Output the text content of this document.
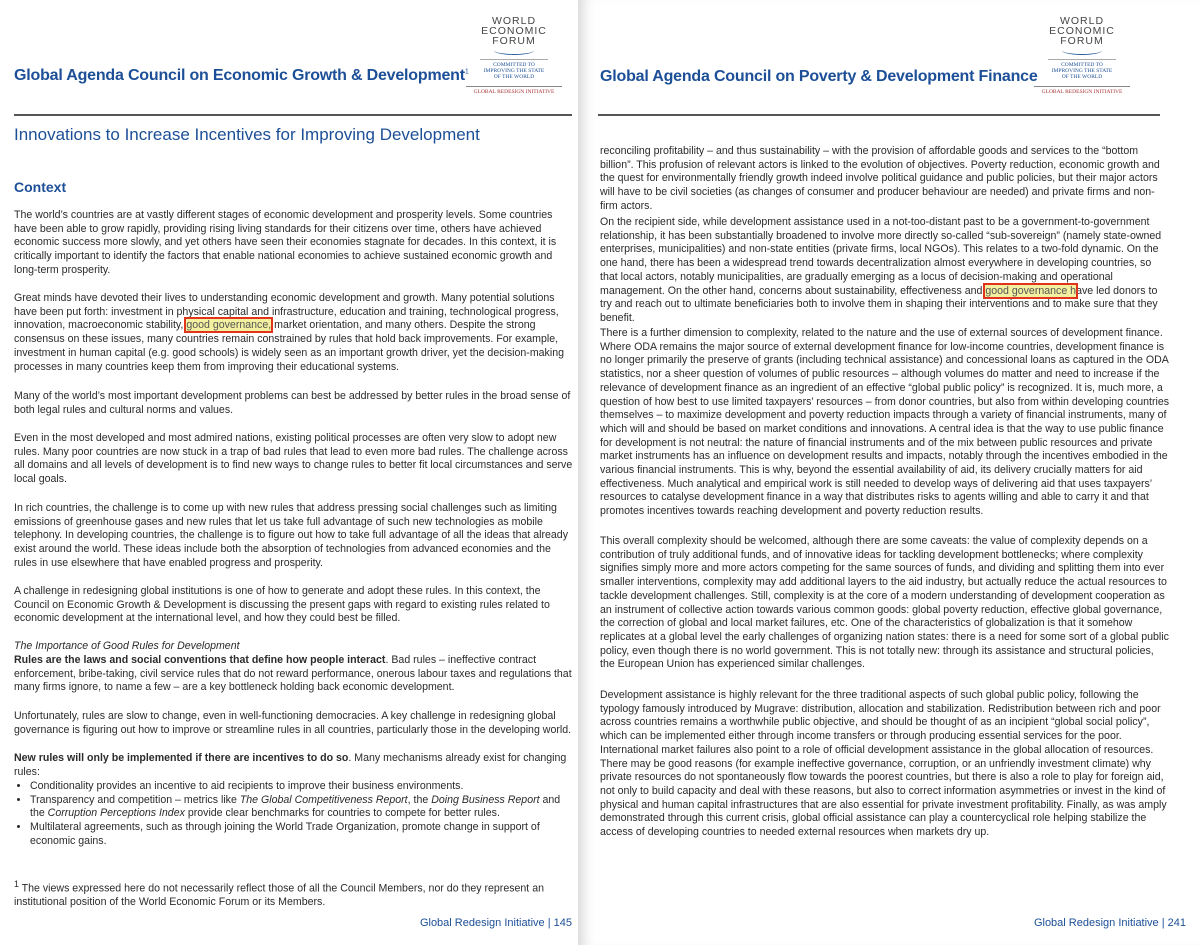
Global Agenda Council on Economic Growth & Development$^1$
WORLD
ECONOMIC
FORUM
COMMITTED TO IMPROVING THE STATE OF THE WORLD
GLOBAL REDESIGN INITIATIVE
Innovations to Increase Incentives for Improving Development
Context

The world’s countries are at vastly different stages of economic development and prosperity levels. Some countries have been able to grow rapidly, providing rising living standards for their citizens over time, others have achieved economic success more slowly, and yet others have seen their economies stagnate for decades. In this context, it is critically important to identify the factors that enable national economies to achieve sustained economic growth and long-term prosperity.

Great minds have devoted their lives to understanding economic development and growth. Many potential solutions have been put forth: investment in physical capital and infrastructure, education and training, technological progress, innovation, macroeconomic stability, good governance, market orientation, and many others. Despite the strong consensus on these issues, many countries remain constrained by rules that hold back improvements. For example, investment in human capital (e.g. good schools) is widely seen as an important growth driver, yet the decision-making processes in many countries keep them from improving their educational systems.

Many of the world’s most important development problems can best be addressed by better rules in the broad sense of both legal rules and cultural norms and values.

Even in the most developed and most admired nations, existing political processes are often very slow to adopt new rules. Many poor countries are now stuck in a trap of bad rules that lead to even more bad rules. The challenge across all domains and all levels of development is to find new ways to change rules to better fit local circumstances and serve local goals.

In rich countries, the challenge is to come up with new rules that address pressing social challenges such as limiting emissions of greenhouse gases and new rules that let us take full advantage of such new technologies as mobile telephony. In developing countries, the challenge is to figure out how to take full advantage of all the ideas that already exist around the world. These ideas include both the absorption of technologies from advanced economies and the rules in use elsewhere that have enabled progress and prosperity.

A challenge in redesigning global institutions is one of how to generate and adopt these rules. In this context, the Council on Economic Growth & Development is discussing the present gaps with regard to existing rules related to economic development at the international level, and how they could best be filled.

The Importance of Good Rules for Development

Rules are the laws and social conventions that define how people interact. Bad rules – ineffective contract enforcement, bribe-taking, civil service rules that do not reward performance, onerous labour taxes and regulations that many firms ignore, to name a few – are a key bottleneck holding back economic development.

Unfortunately, rules are slow to change, even in well-functioning democracies. A key challenge in redesigning global governance is figuring out how to improve or streamline rules in all countries, particularly those in the developing world.

New rules will only be implemented if there are incentives to do so. Many mechanisms already exist for changing rules:

• Conditionality provides an incentive to aid recipients to improve their business environments.
• Transparency and competition – metrics like The Global Competitiveness Report, the Doing Business Report and the Corruption Perceptions Index provide clear benchmarks for countries to compete for better rules.
• Multilateral agreements, such as through joining the World Trade Organization, promote change in support of economic gains.

$^1$ The views expressed here do not necessarily reflect those of all the Council Members, nor do they represent an institutional position of the World Economic Forum or its Members.

Global Redesign Initiative | 145
Global Agenda Council on Poverty & Development Finance
WORLD
ECONOMIC
FORUM
COMMITTED TO IMPROVING THE STATE OF THE WORLD
GLOBAL REDESIGN INITIATIVE

reconciling profitability – and thus sustainability – with the provision of affordable goods and services to the “bottom billion”. This profusion of relevant actors is linked to the evolution of objectives. Poverty reduction, economic growth and the quest for environmentally friendly growth indeed involve political guidance and public policies, but their major actors will have to be civil societies (as changes of consumer and producer behaviour are needed) and private firms and non-firm actors.

On the recipient side, while development assistance used in a not-too-distant past to be a government-to-government relationship, it has been substantially broadened to involve more directly so-called “sub-sovereign” (namely state-owned enterprises, municipalities) and non-state entities (private firms, local NGOs). This relates to a two-fold dynamic. On the one hand, there has been a widespread trend towards decentralization almost everywhere in developing countries, so that local actors, notably municipalities, are gradually emerging as a locus of decision-making and operational management. On the other hand, concerns about sustainability, effectiveness and good governance have led donors to try and reach out to ultimate beneficiaries both to involve them in shaping their interventions and to make sure that they benefit.

There is a further dimension to complexity, related to the nature and the use of external sources of development finance. Where ODA remains the major source of external development finance for low-income countries, development finance is no longer primarily the preserve of grants (including technical assistance) and concessional loans as captured in the ODA statistics, nor a sheer question of volumes of public resources – although volumes do matter and need to increase if the relevance of development finance as an ingredient of an effective “global public policy” is recognized. It is, much more, a question of how best to use limited taxpayers’ resources – from donor countries, but also from within developing countries themselves – to maximize development and poverty reduction impacts through a variety of financial instruments, many of which will and should be based on market conditions and innovations. A central idea is that the way to use public finance for development is not neutral: the nature of financial instruments and of the mix between public resources and private market instruments has an influence on development results and impacts, notably through the incentives embodied in the various financial instruments. This is why, beyond the essential availability of aid, its delivery crucially matters for aid effectiveness. Much analytical and empirical work is still needed to develop ways of delivering aid that uses taxpayers’ resources to catalyse development finance in a way that distributes risks to agents willing and able to carry it and that promotes incentives towards reaching development and poverty reduction results.

This overall complexity should be welcomed, although there are some caveats: the value of complexity depends on a contribution of truly additional funds, and of innovative ideas for tackling development bottlenecks; where complexity signifies simply more and more actors competing for the same sources of funds, and dividing and splitting them into ever smaller interventions, complexity may add additional layers to the aid industry, but actually reduce the actual resources to tackle development challenges. Still, complexity is at the core of a modern understanding of development cooperation as an instrument of collective action towards various common goods: global poverty reduction, effective global governance, the correction of global and local market failures, etc. One of the characteristics of globalization is that it somehow replicates at a global level the early challenges of organizing nation states: there is a need for some sort of a global public policy, even though there is no world government. This is not totally new: through its assistance and structural policies, the European Union has experienced similar challenges.

Development assistance is highly relevant for the three traditional aspects of such global public policy, following the typology famously introduced by Mugrave: distribution, allocation and stabilization. Redistribution between rich and poor across countries remains a worthwhile public objective, and should be thought of as an incipient “global social policy”, which can be implemented either through income transfers or through producing essential services for the poor. International market failures also point to a role of official development assistance in the global allocation of resources. There may be good reasons (for example ineffective governance, corruption, or an unfriendly investment climate) why private resources do not spontaneously flow towards the poorest countries, but there is also a role to play for foreign aid, not only to build capacity and deal with these reasons, but also to correct information asymmetries or invest in the kind of physical and human capital infrastructures that are also essential for private investment profitability. Finally, as was amply demonstrated through this current crisis, global official assistance can play a countercyclical role helping stabilize the access of developing countries to needed external resources when markets dry up.

Global Redesign Initiative | 241
